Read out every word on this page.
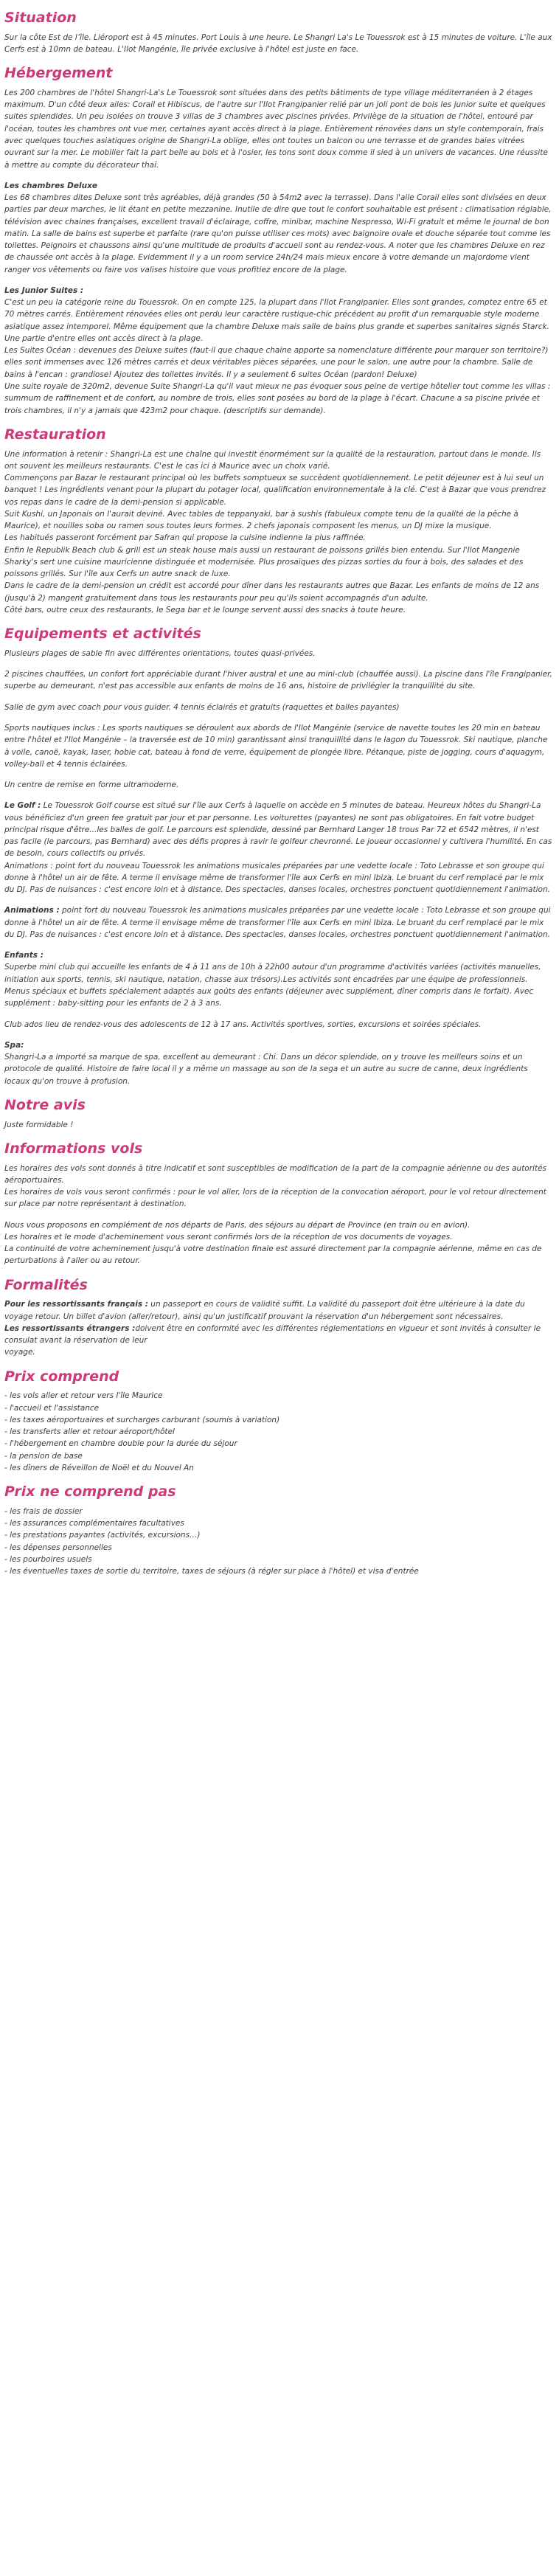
Situation

Sur la côte Est de l’île. Liéroport est à 45 minutes. Port Louis à une heure. Le Shangri La's Le Touessrok est à 15 minutes de voiture. L'île aux Cerfs est à 10mn de bateau. L'Ilot Mangénie, île privée exclusive à l'hôtel est juste en face.

Hébergement

Les 200 chambres de l'hôtel Shangri-La's Le Touessrok sont situées dans des petits bâtiments de type village méditerranéen à 2 étages maximum. D'un côté deux ailes: Corail et Hibiscus, de l'autre sur l'Ilot Frangipanier relié par un joli pont de bois les junior suite et quelques suites splendides. Un peu isolées on trouve 3 villas de 3 chambres avec piscines privées. Privilège de la situation de l'hôtel, entouré par l'océan, toutes les chambres ont vue mer, certaines ayant accès direct à la plage. Entièrement rénovées dans un style contemporain, frais avec quelques touches asiatiques origine de Shangri-La oblige, elles ont toutes un balcon ou une terrasse et de grandes baies vitrées ouvrant sur la mer. Le mobilier fait la part belle au bois et à l'osier, les tons sont doux comme il sied à un univers de vacances. Une réussite à mettre au compte du décorateur thaï.

Les chambres Deluxe

Les 68 chambres dites Deluxe sont très agréables, déjà grandes (50 à 54m2 avec la terrasse). Dans l'aile Corail elles sont divisées en deux parties par deux marches, le lit étant en petite mezzanine. Inutile de dire que tout le confort souhaitable est présent : climatisation réglable, télévision avec chaines françaises, excellent travail d'éclairage, coffre, minibar, machine Nespresso, Wi-Fi gratuit et même le journal de bon matin. La salle de bains est superbe et parfaite (rare qu'on puisse utiliser ces mots) avec baignoire ovale et douche séparée tout comme les toilettes. Peignoirs et chaussons ainsi qu'une multitude de produits d'accueil sont au rendez-vous. A noter que les chambres Deluxe en rez de chaussée ont accès à la plage. Evidemment il y a un room service 24h/24 mais mieux encore à votre demande un majordome vient ranger vos vêtements ou faire vos valises histoire que vous profitiez encore de la plage.

Les Junior Suites :

C'est un peu la catégorie reine du Touessrok. On en compte 125, la plupart dans l'Ilot Frangipanier. Elles sont grandes, comptez entre 65 et 70 mètres carrés. Entièrement rénovées elles ont perdu leur caractère rustique-chic précédent au profit d'un remarquable style moderne asiatique assez intemporel. Même équipement que la chambre Deluxe mais salle de bains plus grande et superbes sanitaires signés Starck. Une partie d'entre elles ont accès direct à la plage.

Les Suites Océan : devenues des Deluxe suites (faut-il que chaque chaine apporte sa nomenclature différente pour marquer son territoire?) elles sont immenses avec 126 mètres carrés et deux véritables pièces séparées, une pour le salon, une autre pour la chambre. Salle de bains à l'encan : grandiose! Ajoutez des toilettes invités. Il y a seulement 6 suites Océan (pardon! Deluxe)

Une suite royale de 320m2, devenue Suite Shangri-La qu'il vaut mieux ne pas évoquer sous peine de vertige hôtelier tout comme les villas : summum de raffinement et de confort, au nombre de trois, elles sont posées au bord de la plage à l'écart. Chacune a sa piscine privée et trois chambres, il n'y a jamais que 423m2 pour chaque. (descriptifs sur demande).

Restauration

Une information à retenir : Shangri-La est une chaîne qui investit énormément sur la qualité de la restauration, partout dans le monde. Ils ont souvent les meilleurs restaurants. C'est le cas ici à Maurice avec un choix varié.
Commençons par Bazar le restaurant principal où les buffets somptueux se succèdent quotidiennement. Le petit déjeuner est à lui seul un banquet ! Les ingrédients venant pour la plupart du potager local, qualification environnementale à la clé. C'est à Bazar que vous prendrez vos repas dans le cadre de la demi-pension si applicable.
Suit Kushi, un Japonais on l'aurait deviné. Avec tables de teppanyaki, bar à sushis (fabuleux compte tenu de la qualité de la pêche à Maurice), et nouilles soba ou ramen sous toutes leurs formes. 2 chefs japonais composent les menus, un DJ mixe la musique.
Les habitués passeront forcément par Safran qui propose la cuisine indienne la plus raffinée.
Enfin le Republik Beach club & grill est un steak house mais aussi un restaurant de poissons grillés bien entendu. Sur l'Ilot Mangenie Sharky's sert une cuisine mauricienne distinguée et modernisée. Plus prosaïques des pizzas sorties du four à bois, des salades et des poissons grillés. Sur l'île aux Cerfs un autre snack de luxe.
Dans le cadre de la demi-pension un crédit est accordé pour dîner dans les restaurants autres que Bazar. Les enfants de moins de 12 ans (jusqu'à 2) mangent gratuitement dans tous les restaurants pour peu qu'ils soient accompagnés d'un adulte.
Côté bars, outre ceux des restaurants, le Sega bar et le lounge servent aussi des snacks à toute heure.

Equipements et activités

Plusieurs plages de sable fin avec différentes orientations, toutes quasi-privées.

2 piscines chauffées, un confort fort appréciable durant l'hiver austral et une au mini-club (chauffée aussi). La piscine dans l'île Frangipanier, superbe au demeurant, n'est pas accessible aux enfants de moins de 16 ans, histoire de privilégier la tranquillité du site.

Salle de gym avec coach pour vous guider. 4 tennis éclairés et gratuits (raquettes et balles payantes)

Sports nautiques inclus : Les sports nautiques se déroulent aux abords de l'Ilot Mangénie (service de navette toutes les 20 min en bateau entre l'hôtel et l'Ilot Mangénie – la traversée est de 10 min) garantissant ainsi tranquillité dans le lagon du Touessrok. Ski nautique, planche à voile, canoë, kayak, laser, hobie cat, bateau à fond de verre, équipement de plongée libre. Pétanque, piste de jogging, cours d'aquagym, volley-ball et 4 tennis éclairées.

Un centre de remise en forme ultramoderne.

Le Golf : Le Touessrok Golf course est situé sur l'île aux Cerfs à laquelle on accède en 5 minutes de bateau. Heureux hôtes du Shangri-La vous bénéficiez d'un green fee gratuit par jour et par personne. Les voiturettes (payantes) ne sont pas obligatoires. En fait votre budget principal risque d'être...les balles de golf. Le parcours est splendide, dessiné par Bernhard Langer 18 trous Par 72 et 6542 mètres, il n'est pas facile (le parcours, pas Bernhard) avec des défis propres à ravir le golfeur chevronné. Le joueur occasionnel y cultivera l'humilité. En cas de besoin, cours collectifs ou privés.

Animations : point fort du nouveau Touessrok les animations musicales préparées par une vedette locale : Toto Lebrasse et son groupe qui donne à l'hôtel un air de fête. A terme il envisage même de transformer l'île aux Cerfs en mini Ibiza. Le bruant du cerf remplacé par le mix du DJ. Pas de nuisances : c'est encore loin et à distance. Des spectacles, danses locales, orchestres ponctuent quotidiennement l'animation.

Animations : point fort du nouveau Touessrok les animations musicales préparées par une vedette locale : Toto Lebrasse et son groupe qui donne à l'hôtel un air de fête. A terme il envisage même de transformer l'île aux Cerfs en mini Ibiza. Le bruant du cerf remplacé par le mix du DJ. Pas de nuisances : c'est encore loin et à distance. Des spectacles, danses locales, orchestres ponctuent quotidiennement l'animation.

Enfants :

Superbe mini club qui accueille les enfants de 4 à 11 ans de 10h à 22h00 autour d'un programme d'activités variées (activités manuelles, initiation aux sports, tennis, ski nautique, natation, chasse aux trésors).Les activités sont encadrées par une équipe de professionnels. Menus spéciaux et buffets spécialement adaptés aux goûts des enfants (déjeuner avec supplément, dîner compris dans le forfait). Avec supplément : baby-sitting pour les enfants de 2 à 3 ans.

Club ados lieu de rendez-vous des adolescents de 12 à 17 ans. Activités sportives, sorties, excursions et soirées spéciales.

Spa:

Shangri-La a importé sa marque de spa, excellent au demeurant : Chi. Dans un décor splendide, on y trouve les meilleurs soins et un protocole de qualité. Histoire de faire local il y a même un massage au son de la sega et un autre au sucre de canne, deux ingrédients locaux qu'on trouve à profusion.

Notre avis

Juste formidable !

Informations vols

Les horaires des vols sont donnés à titre indicatif et sont susceptibles de modification de la part de la compagnie aérienne ou des autorités aéroportuaires.

Les horaires de vols vous seront confirmés : pour le vol aller, lors de la réception de la convocation aéroport, pour le vol retour directement sur place par notre représentant à destination.

Nous vous proposons en complément de nos départs de Paris, des séjours au départ de Province (en train ou en avion).

Les horaires et le mode d'acheminement vous seront confirmés lors de la réception de vos documents de voyages.

La continuité de votre acheminement jusqu'à votre destination finale est assuré directement par la compagnie aérienne, même en cas de perturbations à l'aller ou au retour.

Formalités

Pour les ressortissants français : un passeport en cours de validité suffit. La validité du passeport doit être ultérieure à la date du voyage retour. Un billet d'avion (aller/retour), ainsi qu'un justificatif prouvant la réservation d'un hébergement sont nécessaires.

Les ressortissants étrangers :doivent être en conformité avec les différentes réglementations en vigueur et sont invités à consulter le consulat avant la réservation de leur

voyage.

Prix comprend
- les vols aller et retour vers l'île Maurice
- l'accueil et l'assistance
- les taxes aéroportuaires et surcharges carburant (soumis à variation)
- les transferts aller et retour aéroport/hôtel
- l'hébergement en chambre double pour la durée du séjour
- la pension de base
- les dîners de Réveillon de Noël et du Nouvel An
Prix ne comprend pas
- les frais de dossier
- les assurances complémentaires facultatives
- les prestations payantes (activités, excursions…)
- les dépenses personnelles
- les pourboires usuels
- les éventuelles taxes de sortie du territoire, taxes de séjours (à régler sur place à l'hôtel) et visa d'entrée
